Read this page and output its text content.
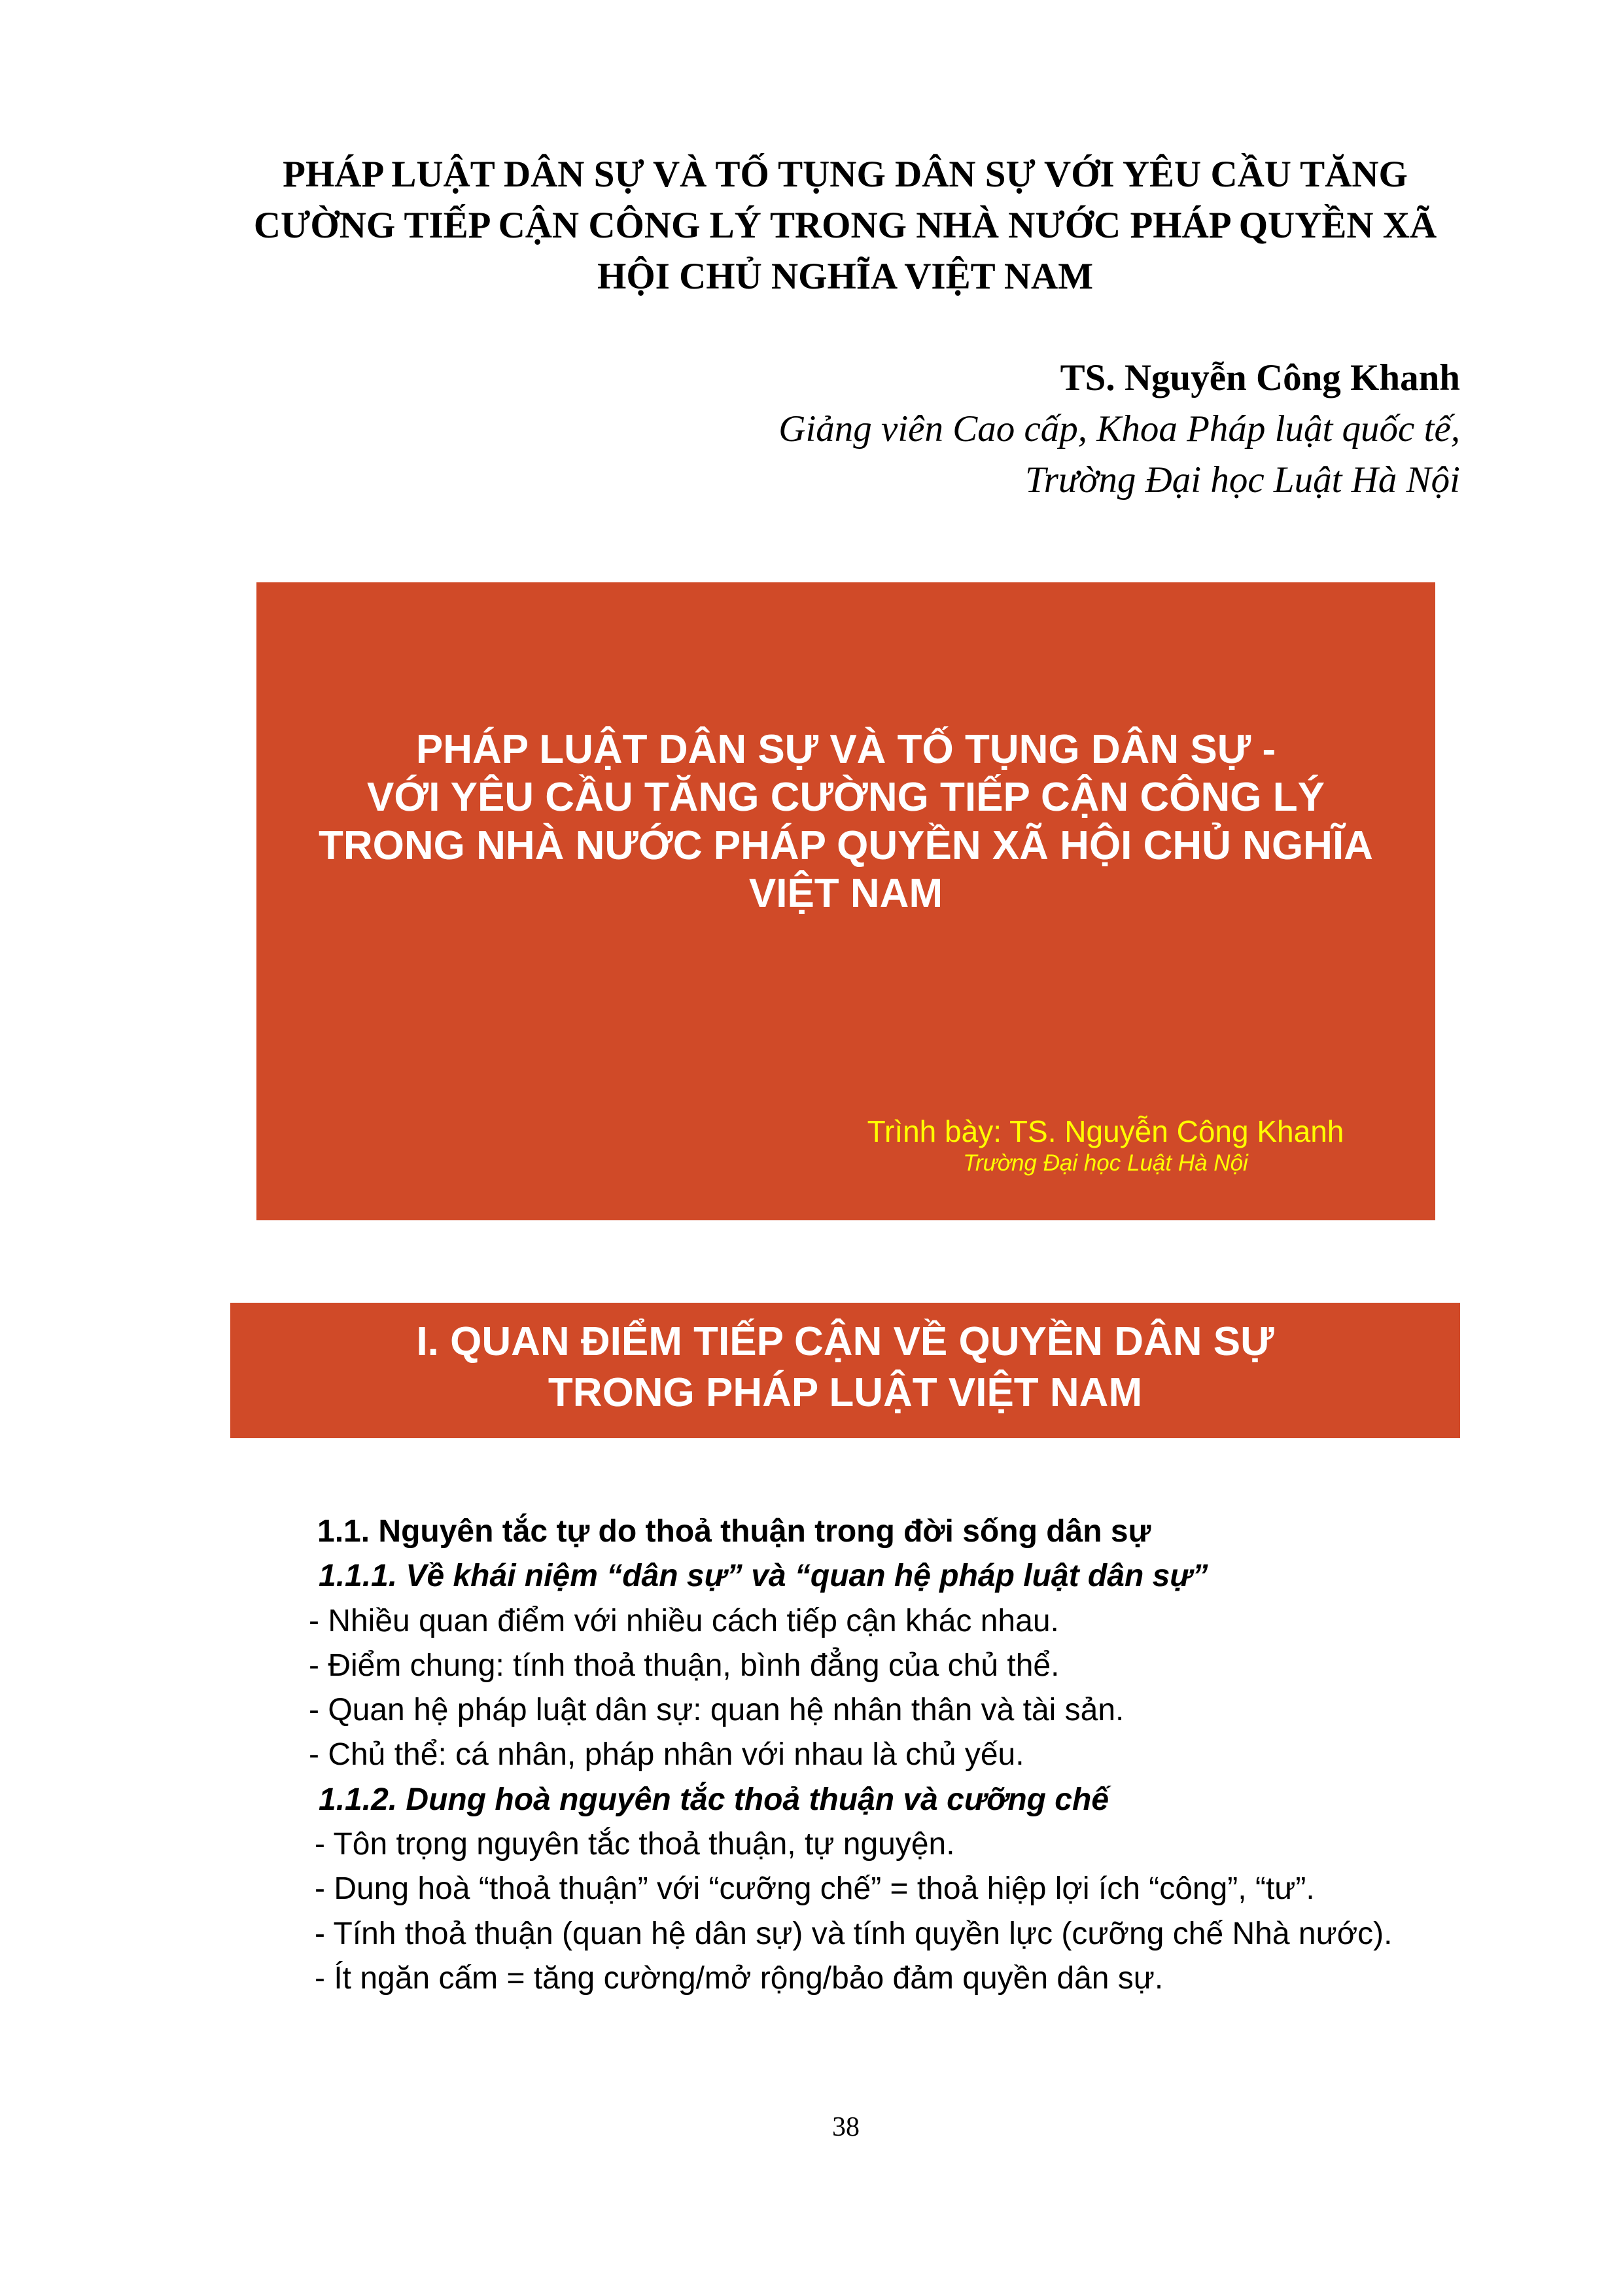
PHÁP LUẬT DÂN SỰ VÀ TỐ TỤNG DÂN SỰ VỚI YÊU CẦU TĂNG
CƯỜNG TIẾP CẬN CÔNG LÝ TRONG NHÀ NƯỚC PHÁP QUYỀN XÃ
HỘI CHỦ NGHĨA VIỆT NAM
TS. Nguyễn Công Khanh
Giảng viên Cao cấp, Khoa Pháp luật quốc tế,
Trường Đại học Luật Hà Nội
PHÁP LUẬT DÂN SỰ VÀ TỐ TỤNG DÂN SỰ -
VỚI YÊU CẦU TĂNG CƯỜNG TIẾP CẬN CÔNG LÝ
TRONG NHÀ NƯỚC PHÁP QUYỀN XÃ HỘI CHỦ NGHĨA
VIỆT NAM
Trình bày: TS. Nguyễn Công Khanh
Trường Đại học Luật Hà Nội
I. QUAN ĐIỂM TIẾP CẬN VỀ QUYỀN DÂN SỰ
TRONG PHÁP LUẬT VIỆT NAM
1.1. Nguyên tắc tự do thoả thuận trong đời sống dân sự
1.1.1. Về khái niệm “dân sự” và “quan hệ pháp luật dân sự”
- Nhiều quan điểm với nhiều cách tiếp cận khác nhau.
- Điểm chung: tính thoả thuận, bình đẳng của chủ thể.
- Quan hệ pháp luật dân sự: quan hệ nhân thân và tài sản.
- Chủ thể: cá nhân, pháp nhân với nhau là chủ yếu.
1.1.2. Dung hoà nguyên tắc thoả thuận và cưỡng chế
- Tôn trọng nguyên tắc thoả thuận, tự nguyện.
- Dung hoà “thoả thuận” với “cưỡng chế” = thoả hiệp lợi ích “công”, “tư”.
- Tính thoả thuận (quan hệ dân sự) và tính quyền lực (cưỡng chế Nhà nước).
- Ít ngăn cấm = tăng cường/mở rộng/bảo đảm quyền dân sự.
38
